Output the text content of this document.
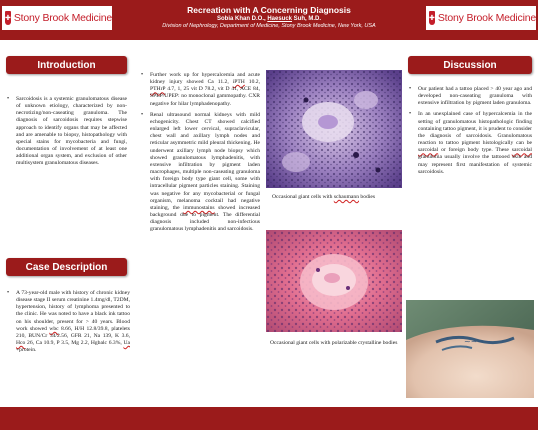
✚ Stony Brook Medicine
Recreation with A Concerning Diagnosis
Sobia Khan D.O., Haesuck Suh, M.D.
Division of Nephrology, Department of Medicine, Stony Brook Medicine, New York, USA
✚ Stony Brook Medicine
Introduction
• Sarcoidosis is a systemic granulomatous disease of unknown etiology, characterized by non-necrotizing/non-caseating granuloma. The diagnosis of sarcoidosis requires stepwise approach to identify organs that may be affected and are amenable to biopsy, histopathology with special stains for mycobacteria and fungi, documentation of involvement of at least one additional organ system, and exclusion of other multisystem granulomatous diseases.
Case Description
• A 73-year-old male with history of chronic kidney disease stage II serum creatinine 1.4mg/dl, T2DM, hypertension, history of lymphoma presented to the clinic. He was noted to have a black ink tattoo on his shoulder, present for > 40 years. Blood work showed wbc 8.66, H/H 12.8/39.8, platelets 210, BUN/Cr 34/2.56, GFR 21, Na 139, K 3.6, Hco 26, Ca 10.9, P 3.5, Mg 2.2, Hgbalc 6.3%, Ua +protein.
• Further work up for hypercalcemia and acute kidney injury showed Ca 11.2, iPTH 10.2, PTHrP 4.7, 1, 25 vit D 78.2, vit D 41, ACE 84, SPEP/UPEP: no monoclonal gammopathy. CXR negative for hilar lymphadenopathy.
• Renal ultrasound normal kidneys with mild echogenicity. Chest CT showed calcified enlarged left lower cervical, supraclavicular, chest wall and axillary lymph nodes and reticular asymmetric mild pleural thickening. He underwent axillary lymph node biopsy which showed granulomatous lymphadenitis, with extensive infiltration by pigment laden macrophages, multiple non-caseating granuloma with foreign body type giant cell, some with intracellular pigment particles staining. Staining was negative for any mycobacterial or fungal organism, melanoma cocktail had negative staining, the immunostains showed increased background due to pigment. The differential diagnosis included non-infectious granulomatous lymphadenitis and sarcoidosis.
Occasional giant cells with schaumann bodies
Occasional giant cells with polarizable crystalline bodies
Discussion
• Our patient had a tattoo placed > 40 year ago and developed non-caseating granuloma with extensive infiltration by pigment laden granuloma.
• In an unexplained case of hypercalcemia in the setting of granulomatous histopathologic finding containing tattoo pigment, it is prudent to consider the diagnosis of sarcoidosis. Granulomatous reaction to tattoo pigment histologically can be sarcoidal or foreign body type. These sarcoidal granuloma usually involve the tattooed skin and may represent first manifestation of systemic sarcoidosis.
~~~~
